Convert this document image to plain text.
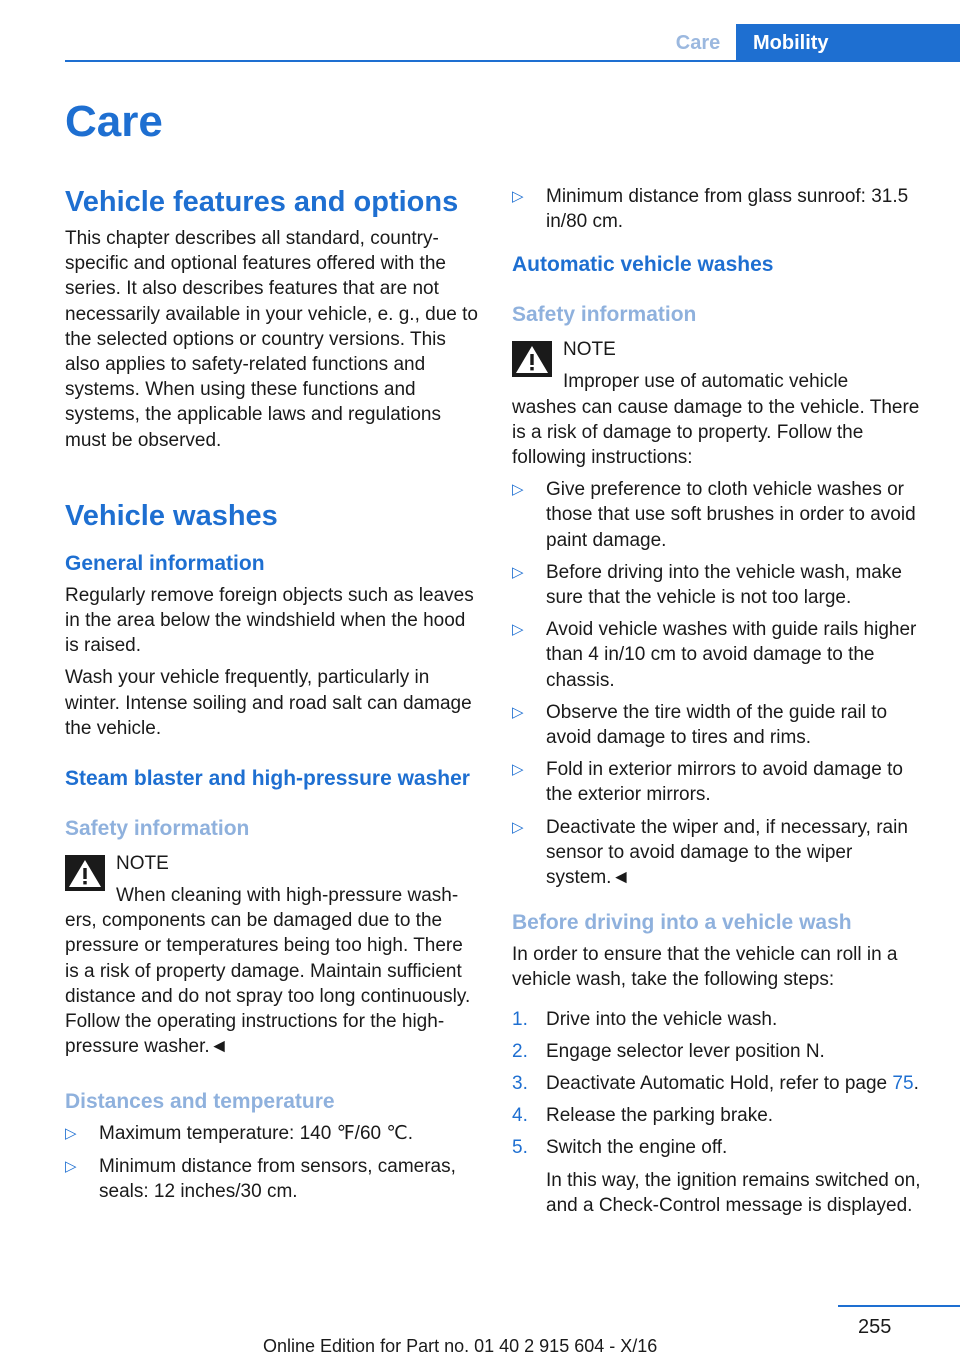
Care	Mobility
Care
Vehicle features and options
This chapter describes all standard, country-specific and optional features offered with the series. It also describes features that are not necessarily available in your vehicle, e. g., due to the selected options or country versions. This also applies to safety-related functions and systems. When using these functions and systems, the applicable laws and regulations must be observed.
Vehicle washes
General information
Regularly remove foreign objects such as leaves in the area below the windshield when the hood is raised.
Wash your vehicle frequently, particularly in winter. Intense soiling and road salt can damage the vehicle.
Steam blaster and high-pressure washer
Safety information
NOTE
When cleaning with high-pressure wash-
ers, components can be damaged due to the pressure or temperatures being too high. There is a risk of property damage. Maintain sufficient distance and do not spray too long continuously. Follow the operating instructions for the high-pressure washer.◄
Distances and temperature
▷ Maximum temperature: 140 ℉/60 ℃.
▷ Minimum distance from sensors, cameras, seals: 12 inches/30 cm.
▷ Minimum distance from glass sunroof: 31.5 in/80 cm.
Automatic vehicle washes
Safety information
NOTE
Improper use of automatic vehicle
washes can cause damage to the vehicle. There is a risk of damage to property. Follow the following instructions:
▷ Give preference to cloth vehicle washes or those that use soft brushes in order to avoid paint damage.
▷ Before driving into the vehicle wash, make sure that the vehicle is not too large.
▷ Avoid vehicle washes with guide rails higher than 4 in/10 cm to avoid damage to the chassis.
▷ Observe the tire width of the guide rail to avoid damage to tires and rims.
▷ Fold in exterior mirrors to avoid damage to the exterior mirrors.
▷ Deactivate the wiper and, if necessary, rain sensor to avoid damage to the wiper system.◄
Before driving into a vehicle wash
In order to ensure that the vehicle can roll in a vehicle wash, take the following steps:
1. Drive into the vehicle wash.
2. Engage selector lever position N.
3. Deactivate Automatic Hold, refer to page 75.
4. Release the parking brake.
5. Switch the engine off.
In this way, the ignition remains switched on, and a Check-Control message is displayed.
255
Online Edition for Part no. 01 40 2 915 604 - X/16
